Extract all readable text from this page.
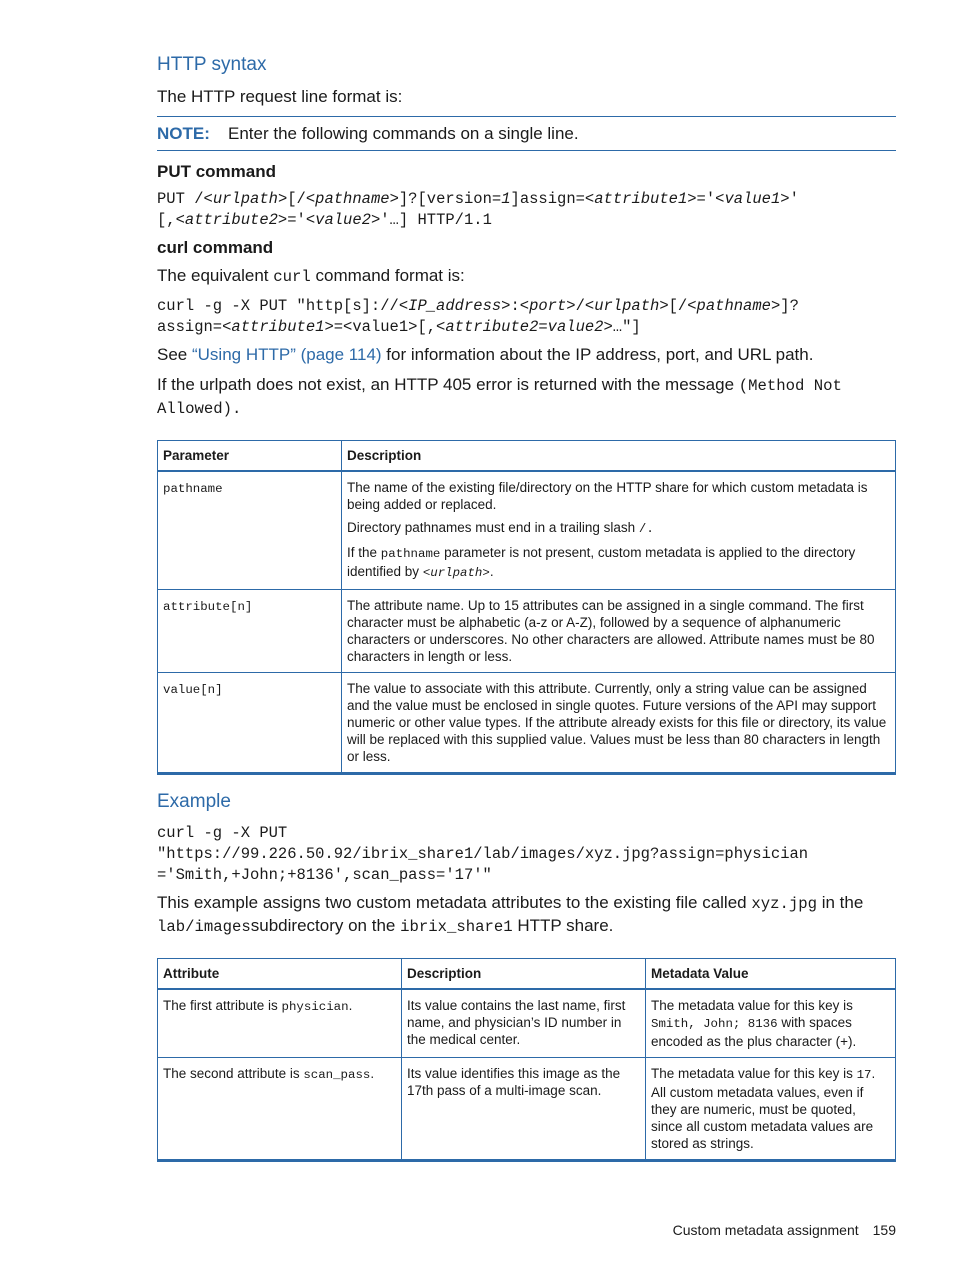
HTTP syntax

The HTTP request line format is:

NOTE: Enter the following commands on a single line.
PUT command
PUT /<urlpath>[/<pathname>]?[version=1]assign=<attribute1>='<value1>'
[,<attribute2>='<value2>'…] HTTP/1.1
curl command

The equivalent curl command format is:

curl -g -X PUT "http[s]://<IP_address>:<port>/<urlpath>[/<pathname>]?
assign=<attribute1>=<value1>[,<attribute2=value2>…"]

See “Using HTTP” (page 114) for information about the IP address, port, and URL path.

If the urlpath does not exist, an HTTP 405 error is returned with the message (Method Not
Allowed).

Parameter	Description
pathname	The name of the existing file/directory on the HTTP share for which custom metadata is being added or replaced.

Directory pathnames must end in a trailing slash /.

If the pathname parameter is not present, custom metadata is applied to the directory identified by <urlpath>.

attribute[n]	The attribute name. Up to 15 attributes can be assigned in a single command. The first character must be alphabetic (a-z or A-Z), followed by a sequence of alphanumeric characters or underscores. No other characters are allowed. Attribute names must be 80 characters in length or less.

value[n]	The value to associate with this attribute. Currently, only a string value can be assigned and the value must be enclosed in single quotes. Future versions of the API may support numeric or other value types. If the attribute already exists for this file or directory, its value will be replaced with this supplied value. Values must be less than 80 characters in length or less.

Example
curl -g -X PUT
"https://99.226.50.92/ibrix_share1/lab/images/xyz.jpg?assign=physician
='Smith,+John;+8136',scan_pass='17'"

This example assigns two custom metadata attributes to the existing file called xyz.jpg in the
lab/imagessubdirectory on the ibrix_share1 HTTP share.

Attribute	Description	Metadata Value
The first attribute is physician.	Its value contains the last name, first name, and physician’s ID number in the medical center.	The metadata value for this key is Smith, John; 8136 with spaces encoded as the plus character (+).
The second attribute is scan_pass.	Its value identifies this image as the 17th pass of a multi-image scan.	The metadata value for this key is 17. All custom metadata values, even if they are numeric, must be quoted, since all custom metadata values are stored as strings.
Custom metadata assignment 159
